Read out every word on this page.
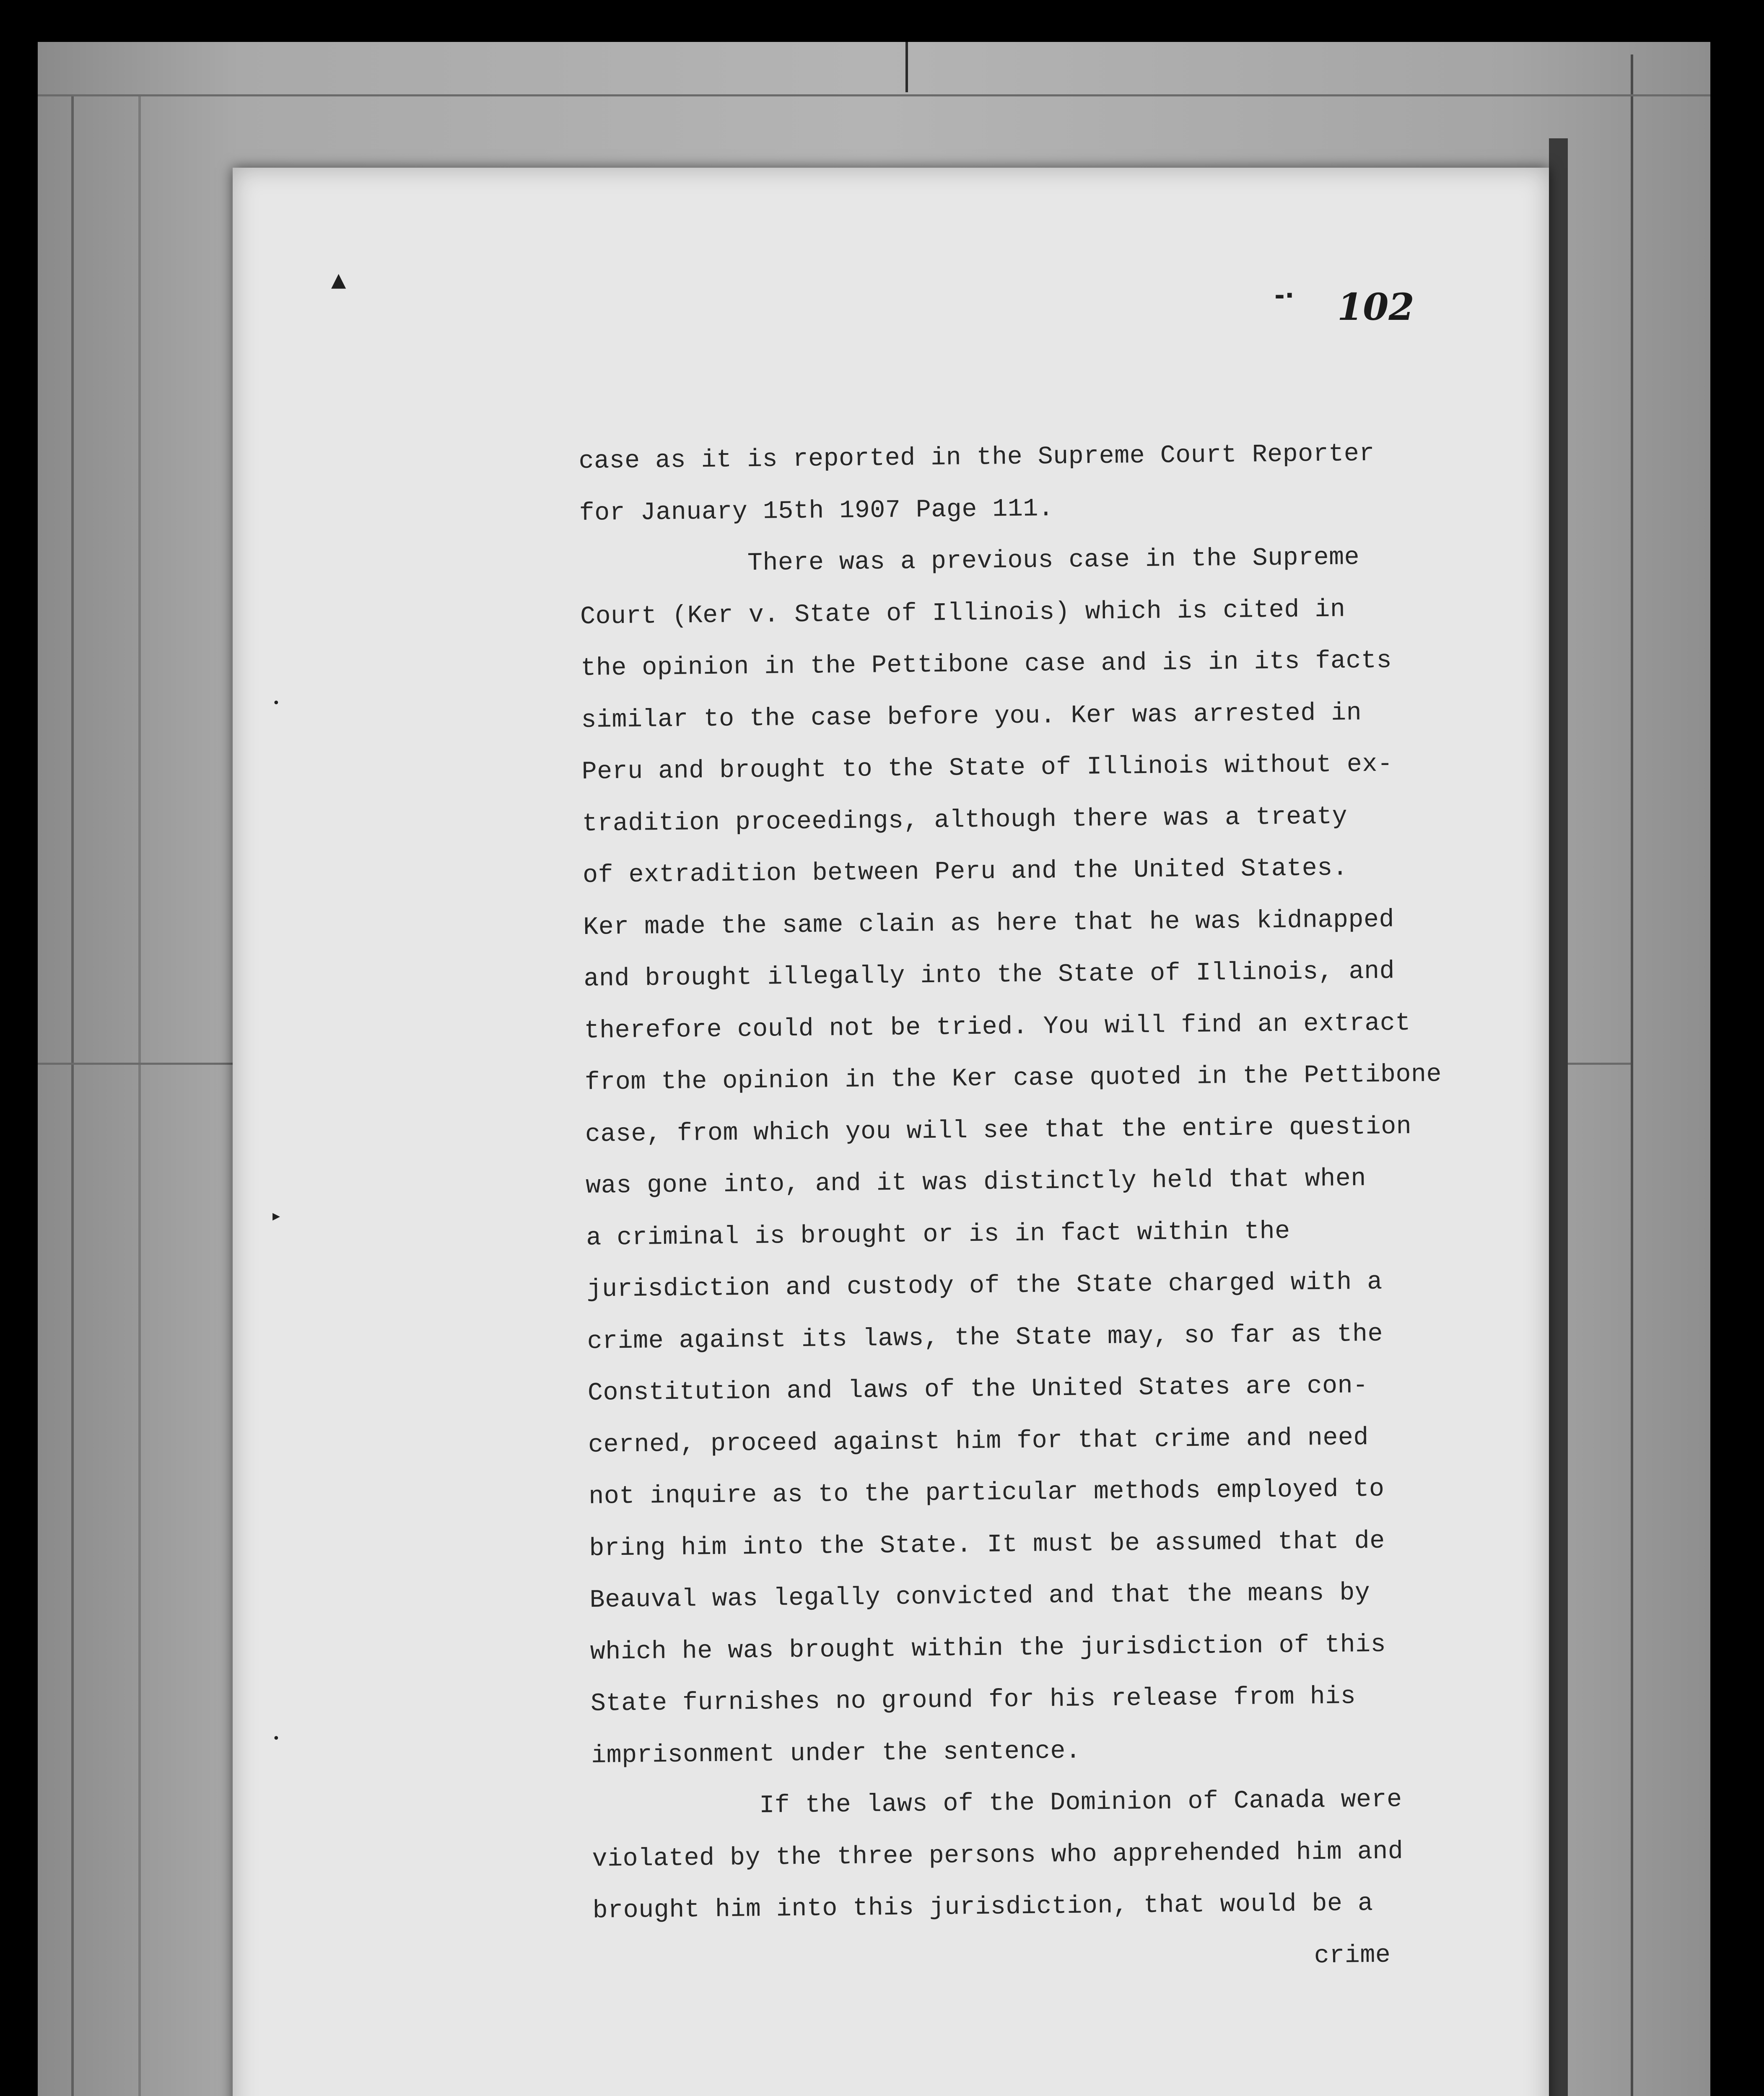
▲
•
▸
•
-· 102
case as it is reported in the Supreme Court Reporter
for January 15th 1907 Page 111.
There was a previous case in the Supreme
Court (Ker v. State of Illinois) which is cited in
the opinion in the Pettibone case and is in its facts
similar to the case before you. Ker was arrested in
Peru and brought to the State of Illinois without ex-
tradition proceedings, although there was a treaty
of extradition between Peru and the United States.
Ker made the same clain as here that he was kidnapped
and brought illegally into the State of Illinois, and
therefore could not be tried. You will find an extract
from the opinion in the Ker case quoted in the Pettibone
case, from which you will see that the entire question
was gone into, and it was distinctly held that when
a criminal is brought or is in fact within the
jurisdiction and custody of the State charged with a
crime against its laws, the State may, so far as the
Constitution and laws of the United States are con-
cerned, proceed against him for that crime and need
not inquire as to the particular methods employed to
bring him into the State. It must be assumed that de
Beauval was legally convicted and that the means by
which he was brought within the jurisdiction of this
State furnishes no ground for his release from his
imprisonment under the sentence.
If the laws of the Dominion of Canada were
violated by the three persons who apprehended him and
brought him into this jurisdiction, that would be a
crime
